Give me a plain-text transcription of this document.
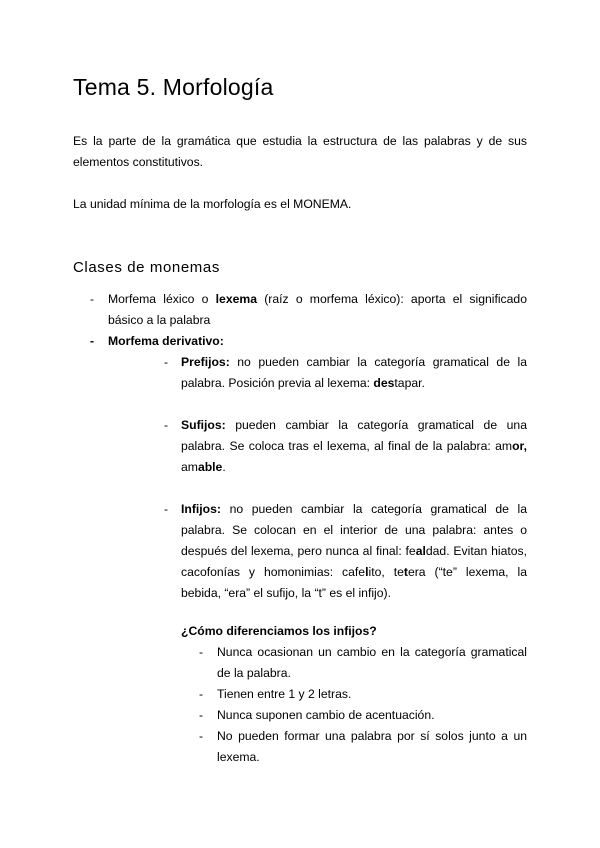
Tema 5. Morfología

Es la parte de la gramática que estudia la estructura de las palabras y de sus elementos constitutivos.

La unidad mínima de la morfología es el MONEMA.

Clases de monemas
- Morfema léxico o lexema (raíz o morfema léxico): aporta el significado básico a la palabra
- Morfema derivativo:
- Prefijos: no pueden cambiar la categoría gramatical de la palabra. Posición previa al lexema: destapar.
- Sufijos: pueden cambiar la categoría gramatical de una palabra. Se coloca tras el lexema, al final de la palabra: amor, amable.
- Infijos: no pueden cambiar la categoría gramatical de la palabra. Se colocan en el interior de una palabra: antes o después del lexema, pero nunca al final: fealdad. Evitan hiatos, cacofonías y homonimias: cafelito, tetera (“te” lexema, la bebida, “era” el sufijo, la “t” es el infijo).
¿Cómo diferenciamos los infijos?
- Nunca ocasionan un cambio en la categoría gramatical de la palabra.
- Tienen entre 1 y 2 letras.
- Nunca suponen cambio de acentuación.
- No pueden formar una palabra por sí solos junto a un lexema.
